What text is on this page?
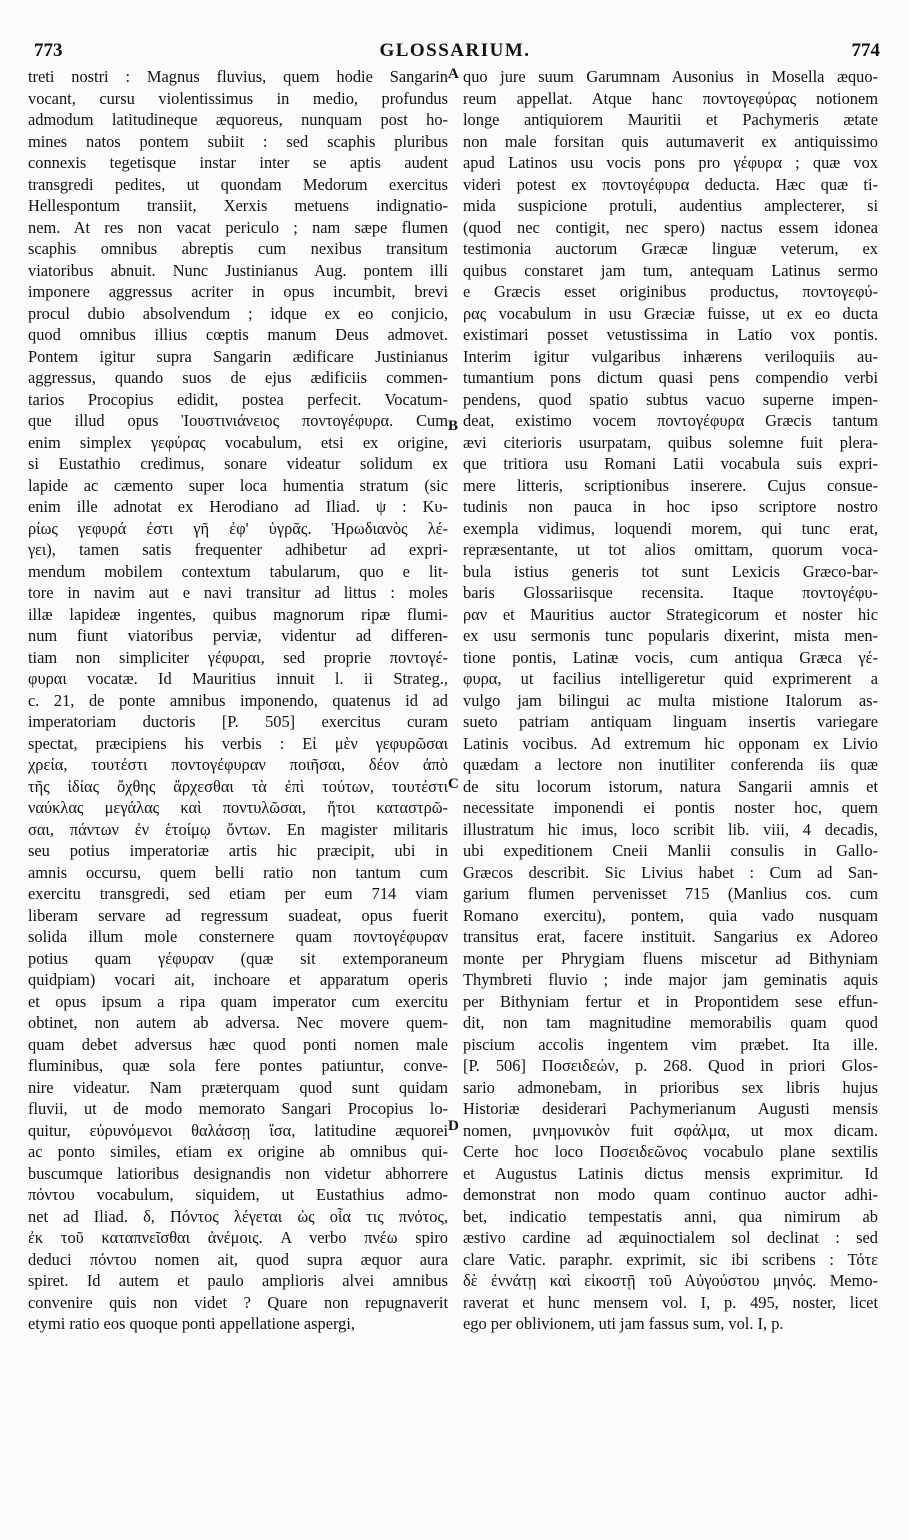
773	GLOSSARIUM.	774
A
B
C
D
treti nostri : Magnus fluvius, quem hodie Sangarin
vocant, cursu violentissimus in medio, profundus
admodum latitudineque æquoreus, nunquam post ho-
mines natos pontem subiit : sed scaphis pluribus
connexis tegetisque instar inter se aptis audent
transgredi pedites, ut quondam Medorum exercitus
Hellespontum transiit, Xerxis metuens indignatio-
nem. At res non vacat periculo ; nam sæpe flumen
scaphis omnibus abreptis cum nexibus transitum
viatoribus abnuit. Nunc Justinianus Aug. pontem illi
imponere aggressus acriter in opus incumbit, brevi
procul dubio absolvendum ; idque ex eo conjicio,
quod omnibus illius cœptis manum Deus admovet.
Pontem igitur supra Sangarin ædificare Justinianus
aggressus, quando suos de ejus ædificiis commen-
tarios Procopius edidit, postea perfecit. Vocatum-
que illud opus Ἰουστινιάνειος ποντογέφυρα. Cum
enim simplex γεφύρας vocabulum, etsi ex origine,
si Eustathio credimus, sonare videatur solidum ex
lapide ac cæmento super loca humentia stratum (sic
enim ille adnotat ex Herodiano ad Iliad. ψ : Κυ-
ρίως γεφυρά ἐστι γῆ ἐφ' ὑγρᾶς. Ἡρωδιανὸς λέ-
γει), tamen satis frequenter adhibetur ad expri-
mendum mobilem contextum tabularum, quo e lit-
tore in navim aut e navi transitur ad littus : moles
illæ lapideæ ingentes, quibus magnorum ripæ flumi-
num fiunt viatoribus perviæ, videntur ad differen-
tiam non simpliciter γέφυραι, sed proprie ποντογέ-
φυραι vocatæ. Id Mauritius innuit l. ii Strateg.,
c. 21, de ponte amnibus imponendo, quatenus id ad
imperatoriam ductoris [P. 505] exercitus curam
spectat, præcipiens his verbis : Εἰ μὲν γεφυρῶσαι
χρεία, τουτέστι ποντογέφυραν ποιῆσαι, δέον ἀπὸ
τῆς ἰδίας ὄχθης ἄρχεσθαι τὰ ἐπὶ τούτων, τουτέστι
ναύκλας μεγάλας καὶ ποντυλῶσαι, ἤτοι καταστρῶ-
σαι, πάντων ἐν ἑτοίμῳ ὄντων. En magister militaris
seu potius imperatoriæ artis hic præcipit, ubi in
amnis occursu, quem belli ratio non tantum cum
exercitu transgredi, sed etiam per eum 714 viam
liberam servare ad regressum suadeat, opus fuerit
solida illum mole consternere quam ποντογέφυραν
potius quam γέφυραν (quæ sit extemporaneum
quidpiam) vocari ait, inchoare et apparatum operis
et opus ipsum a ripa quam imperator cum exercitu
obtinet, non autem ab adversa. Nec movere quem-
quam debet adversus hæc quod ponti nomen male
fluminibus, quæ sola fere pontes patiuntur, conve-
nire videatur. Nam præterquam quod sunt quidam
fluvii, ut de modo memorato Sangari Procopius lo-
quitur, εὐρυνόμενοι θαλάσσῃ ἴσα, latitudine æquorei
ac ponto similes, etiam ex origine ab omnibus qui-
buscumque latioribus designandis non videtur abhorrere
πόντου vocabulum, siquidem, ut Eustathius admo-
net ad Iliad. δ, Πόντος λέγεται ὡς οἷα τις πνότος,
ἐκ τοῦ καταπνεῖσθαι ἀνέμοις. A verbo πνέω spiro
deduci πόντου nomen ait, quod supra æquor aura
spiret. Id autem et paulo amplioris alvei amnibus
convenire quis non videt ? Quare non repugnaverit
etymi ratio eos quoque ponti appellatione aspergi,
quo jure suum Garumnam Ausonius in Mosella æquo-
reum appellat. Atque hanc ποντογεφύρας notionem
longe antiquiorem Mauritii et Pachymeris ætate
non male forsitan quis autumaverit ex antiquissimo
apud Latinos usu vocis pons pro γέφυρα ; quæ vox
videri potest ex ποντογέφυρα deducta. Hæc quæ ti-
mida suspicione protuli, audentius amplecterer, si
(quod nec contigit, nec spero) nactus essem idonea
testimonia auctorum Græcæ linguæ veterum, ex
quibus constaret jam tum, antequam Latinus sermo
e Græcis esset originibus productus, ποντογεφύ-
ρας vocabulum in usu Græciæ fuisse, ut ex eo ducta
existimari posset vetustissima in Latio vox pontis.
Interim igitur vulgaribus inhærens veriloquiis au-
tumantium pons dictum quasi pens compendio verbi
pendens, quod spatio subtus vacuo superne impen-
deat, existimo vocem ποντογέφυρα Græcis tantum
ævi citerioris usurpatam, quibus solemne fuit plera-
que tritiora usu Romani Latii vocabula suis expri-
mere litteris, scriptionibus inserere. Cujus consue-
tudinis non pauca in hoc ipso scriptore nostro
exempla vidimus, loquendi morem, qui tunc erat,
repræsentante, ut tot alios omittam, quorum voca-
bula istius generis tot sunt Lexicis Græco-bar-
baris Glossariisque recensita. Itaque ποντογέφυ-
ραν et Mauritius auctor Strategicorum et noster hic
ex usu sermonis tunc popularis dixerint, mista men-
tione pontis, Latinæ vocis, cum antiqua Græca γέ-
φυρα, ut facilius intelligeretur quid exprimerent a
vulgo jam bilingui ac multa mistione Italorum as-
sueto patriam antiquam linguam insertis variegare
Latinis vocibus. Ad extremum hic opponam ex Livio
quædam a lectore non inutiliter conferenda iis quæ
de situ locorum istorum, natura Sangarii amnis et
necessitate imponendi ei pontis noster hoc, quem
illustratum hic imus, loco scribit lib. viii, 4 decadis,
ubi expeditionem Cneii Manlii consulis in Gallo-
Græcos describit. Sic Livius habet : Cum ad San-
garium flumen pervenisset 715 (Manlius cos. cum
Romano exercitu), pontem, quia vado nusquam
transitus erat, facere instituit. Sangarius ex Adoreo
monte per Phrygiam fluens miscetur ad Bithyniam
Thymbreti fluvio ; inde major jam geminatis aquis
per Bithyniam fertur et in Propontidem sese effun-
dit, non tam magnitudine memorabilis quam quod
piscium accolis ingentem vim præbet. Ita ille.
[P. 506] Ποσειδεών, p. 268. Quod in priori Glos-
sario admonebam, in prioribus sex libris hujus
Historiæ desiderari Pachymerianum Augusti mensis
nomen, μνημονικὸν fuit σφάλμα, ut mox dicam.
Certe hoc loco Ποσειδεῶνος vocabulo plane sextilis
et Augustus Latinis dictus mensis exprimitur. Id
demonstrat non modo quam continuo auctor adhi-
bet, indicatio tempestatis anni, qua nimirum ab
æstivo cardine ad æquinoctialem sol declinat : sed
clare Vatic. paraphr. exprimit, sic ibi scribens : Τότε
δὲ ἐννάτῃ καὶ εἰκοστῇ τοῦ Αὐγούστου μηνός. Memo-
raverat et hunc mensem vol. I, p. 495, noster, licet
ego per oblivionem, uti jam fassus sum, vol. I, p.
